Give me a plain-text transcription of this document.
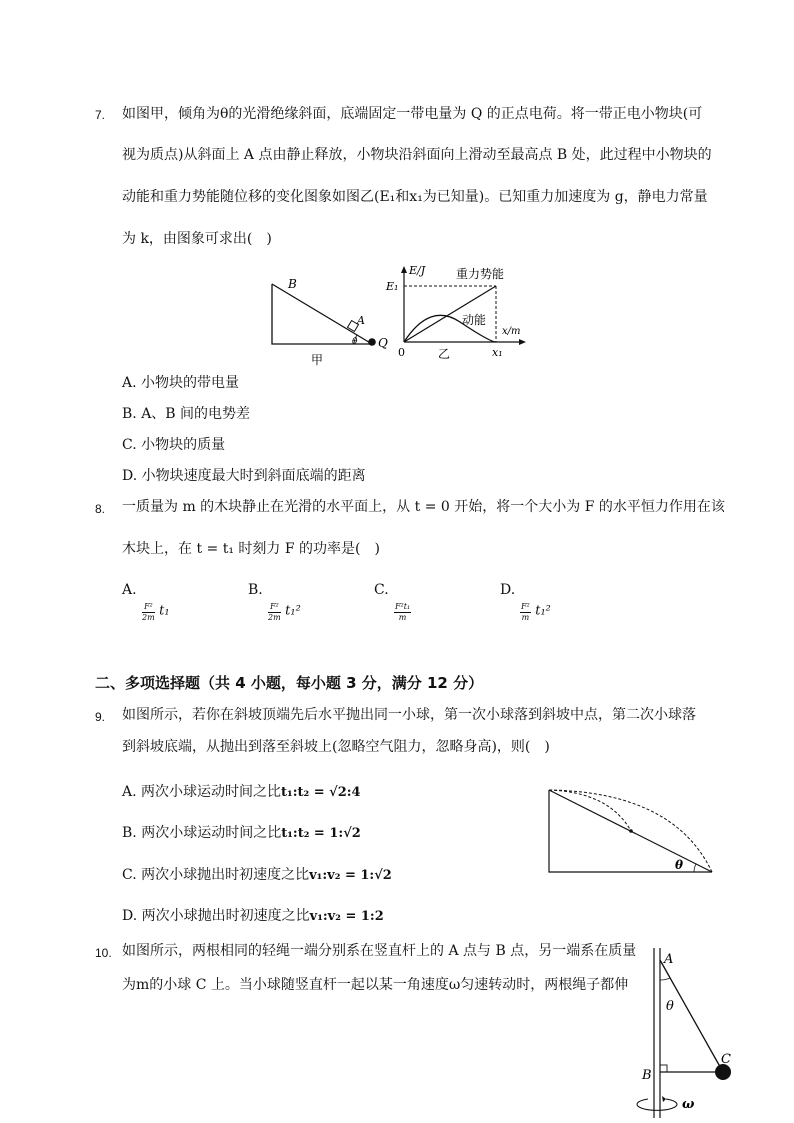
7. 如图甲，倾角为θ的光滑绝缘斜面，底端固定一带电量为 Q 的正点电荷。将一带正电小物块(可
视为质点)从斜面上 A 点由静止释放，小物块沿斜面向上滑动至最高点 B 处，此过程中小物块的
动能和重力势能随位移的变化图象如图乙(E₁和x₁为已知量)。已知重力加速度为 g，静电力常量
为 k，由图象可求出(　)
B
A
θ Q
甲
E/J
E₁
重力势能
动能
x/m
0	x₁
乙
A. 小物块的带电量
B. A、B 间的电势差
C. 小物块的质量
D. 小物块速度最大时到斜面底端的距离
8. 一质量为 m 的木块静止在光滑的水平面上，从 t = 0 开始，将一个大小为 F 的水平恒力作用在该
木块上，在 t = t₁ 时刻力 F 的功率是(　)
A.

$\frac{\text{F²}}{2m} t_1$
B.

$\frac{\text{F²}}{2m} t_1^2$
C.

$\frac{\text{F²t₁}}{m}$
D.

$\frac{\text{F²}}{m} t_1^2$
二、多项选择题（共 4 小题，每小题 3 分，满分 12 分）
9. 如图所示，若你在斜坡顶端先后水平抛出同一小球，第一次小球落到斜坡中点，第二次小球落
到斜坡底端，从抛出到落至斜坡上(忽略空气阻力，忽略身高)，则(　)
A. 两次小球运动时间之比t₁:t₂ = √2:4
B. 两次小球运动时间之比t₁:t₂ = 1:√2
C. 两次小球抛出时初速度之比v₁:v₂ = 1:√2
D. 两次小球抛出时初速度之比v₁:v₂ = 1:2
θ
10. 如图所示，两根相同的轻绳一端分别系在竖直杆上的 A 点与 B 点，另一端系在质量
为m的小球 C 上。当小球随竖直杆一起以某一角速度ω匀速转动时，两根绳子都伸
A
θ
C
B
ω
